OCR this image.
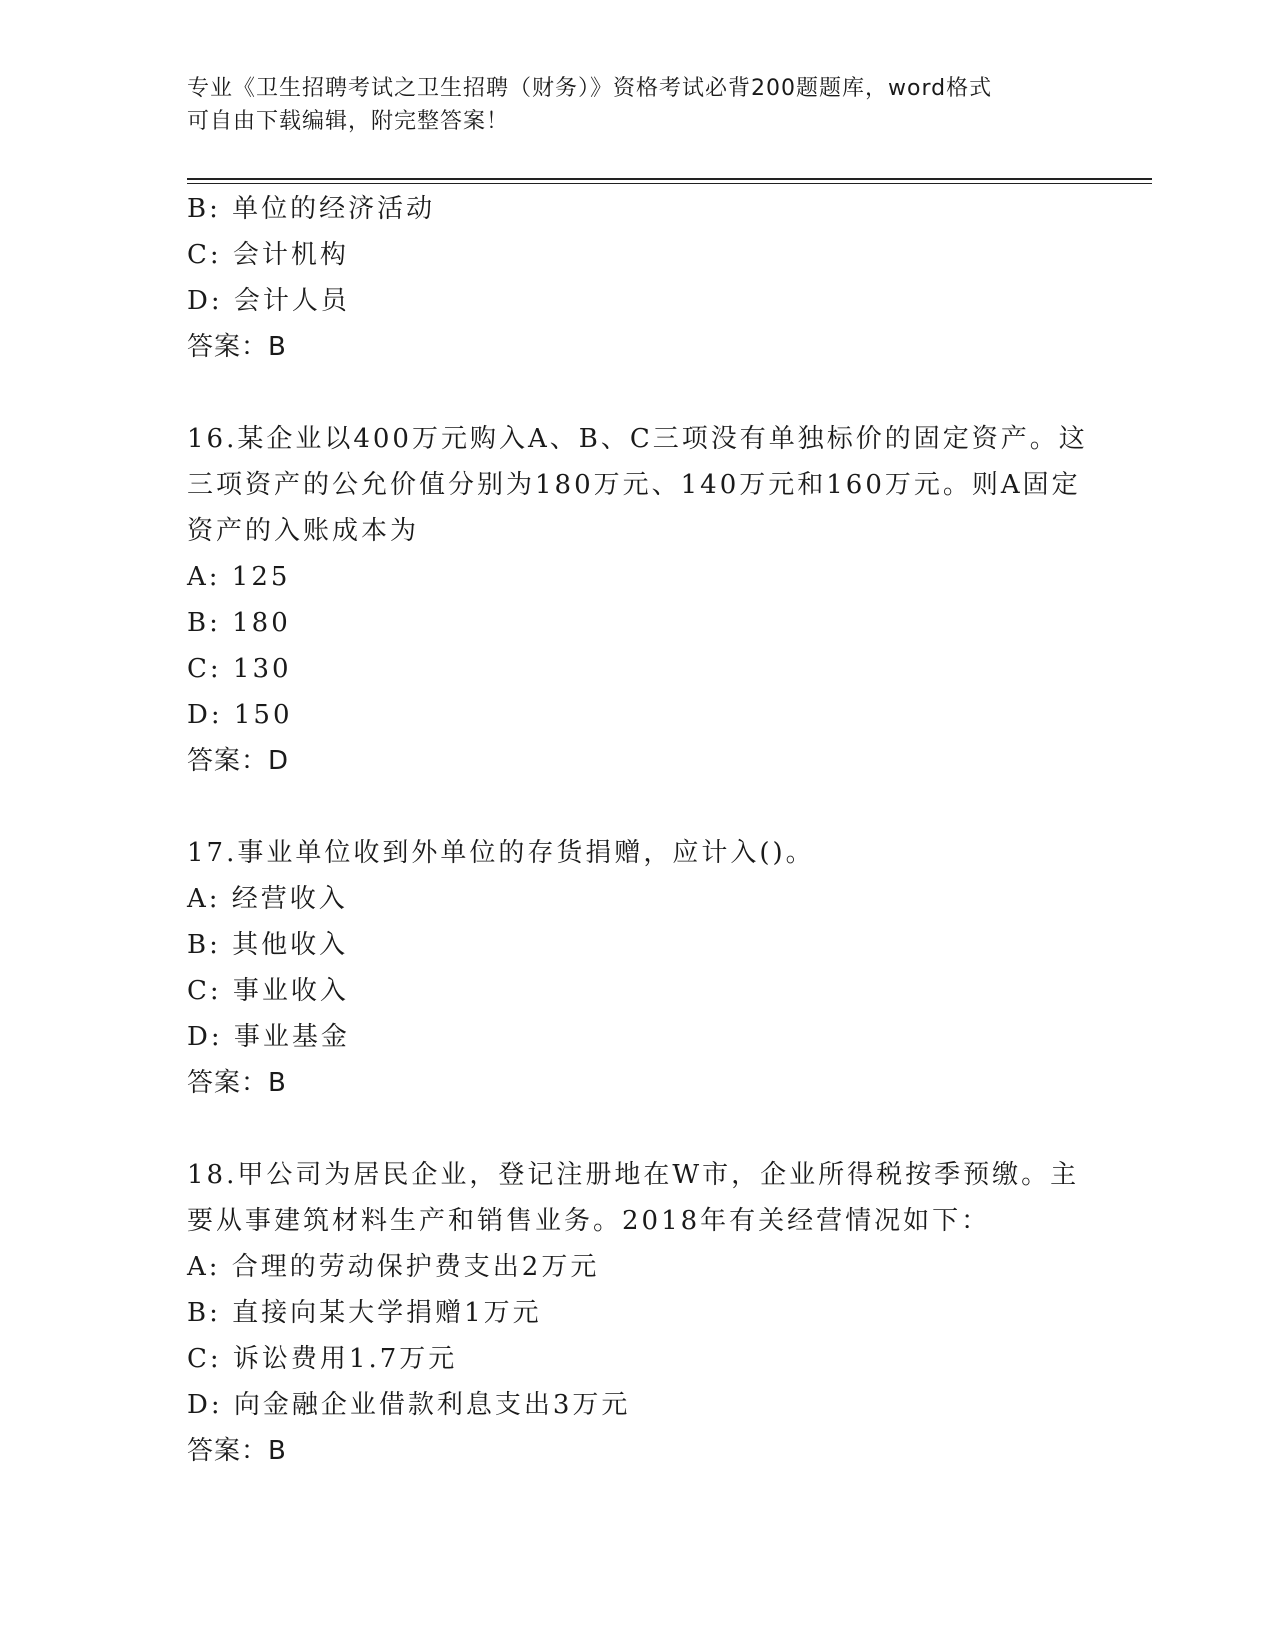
专业《卫生招聘考试之卫生招聘（财务）》资格考试必背200题题库，word格式
可自由下载编辑，附完整答案！
B: 单位的经济活动
C: 会计机构
D: 会计人员
答案：B
16.某企业以400万元购入A、B、C三项没有单独标价的固定资产。这
三项资产的公允价值分别为180万元、140万元和160万元。则A固定
资产的入账成本为
A: 125
B: 180
C: 130
D: 150
答案：D
17.事业单位收到外单位的存货捐赠，应计入()。
A: 经营收入
B: 其他收入
C: 事业收入
D: 事业基金
答案：B
18.甲公司为居民企业，登记注册地在W市，企业所得税按季预缴。主
要从事建筑材料生产和销售业务。2018年有关经营情况如下：
A: 合理的劳动保护费支出2万元
B: 直接向某大学捐赠1万元
C: 诉讼费用1.7万元
D: 向金融企业借款利息支出3万元
答案：B
